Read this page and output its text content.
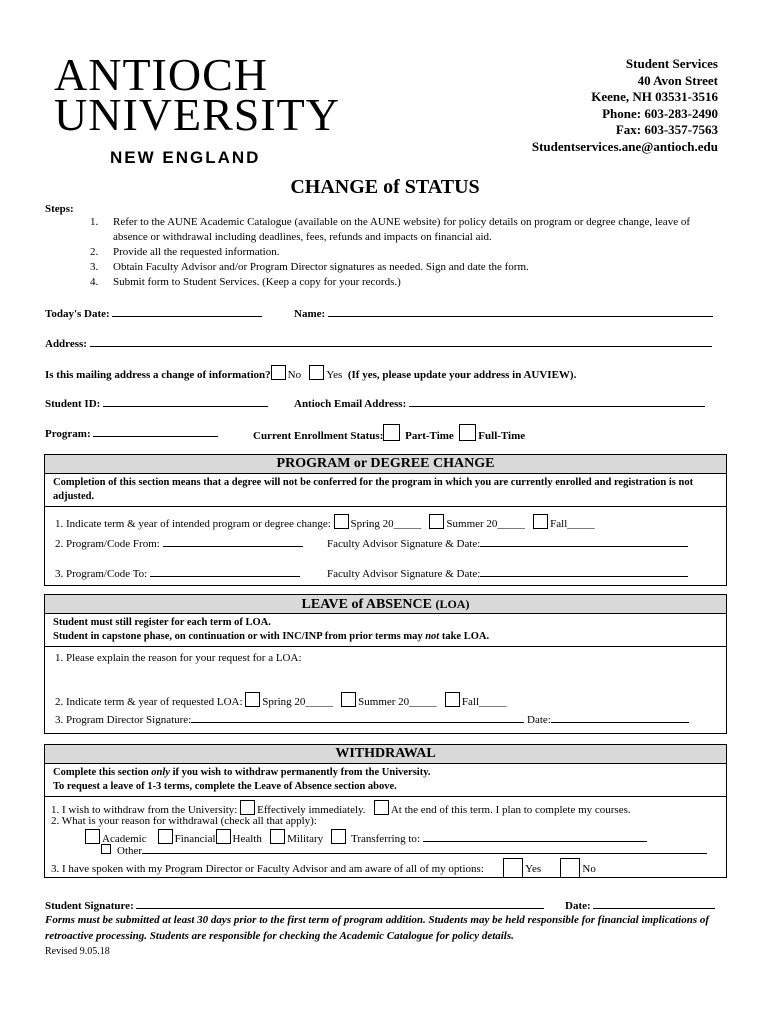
ANTIOCH
UNIVERSITY
NEW ENGLAND
Student Services
40 Avon Street
Keene, NH 03531-3516
Phone: 603-283-2490
Fax: 603-357-7563
Studentservices.ane@antioch.edu
CHANGE of STATUS
Steps:
1.	Refer to the AUNE Academic Catalogue (available on the AUNE website) for policy details on program or degree change, leave of absence or withdrawal including deadlines, fees, refunds and impacts on financial aid.
2.	Provide all the requested information.
3.	Obtain Faculty Advisor and/or Program Director signatures as needed. Sign and date the form.
4.	Submit form to Student Services. (Keep a copy for your records.)
Today's Date:	Name:
Address:
Is this mailing address a change of information? No Yes (If yes, please update your address in AUVIEW).
Student ID:	Antioch Email Address:
Program:	Current Enrollment Status: Part-Time Full-Time
PROGRAM or DEGREE CHANGE
Completion of this section means that a degree will not be conferred for the program in which you are currently enrolled and registration is not adjusted.
1. Indicate term & year of intended program or degree change: Spring 20_____ Summer 20_____ Fall_____
2. Program/Code From:	Faculty Advisor Signature & Date:
3. Program/Code To:	Faculty Advisor Signature & Date:
LEAVE of ABSENCE (LOA)
Student must still register for each term of LOA.
Student in capstone phase, on continuation or with INC/INP from prior terms may not take LOA.
1. Please explain the reason for your request for a LOA:
2. Indicate term & year of requested LOA: Spring 20_____ Summer 20_____ Fall_____
3. Program Director Signature:	Date:
WITHDRAWAL
Complete this section only if you wish to withdraw permanently from the University.
To request a leave of 1-3 terms, complete the Leave of Absence section above.
1. I wish to withdraw from the University: Effectively immediately. At the end of this term. I plan to complete my courses.
2. What is your reason for withdrawal (check all that apply):
Academic	Financial Health Military	Transferring to:
Other
3. I have spoken with my Program Director or Faculty Advisor and am aware of all of my options:	Yes	No
Student Signature:	Date:
Forms must be submitted at least 30 days prior to the first term of program addition. Students may be held responsible for financial implications of retroactive processing. Students are responsible for checking the Academic Catalogue for policy details.
Revised 9.05.18
